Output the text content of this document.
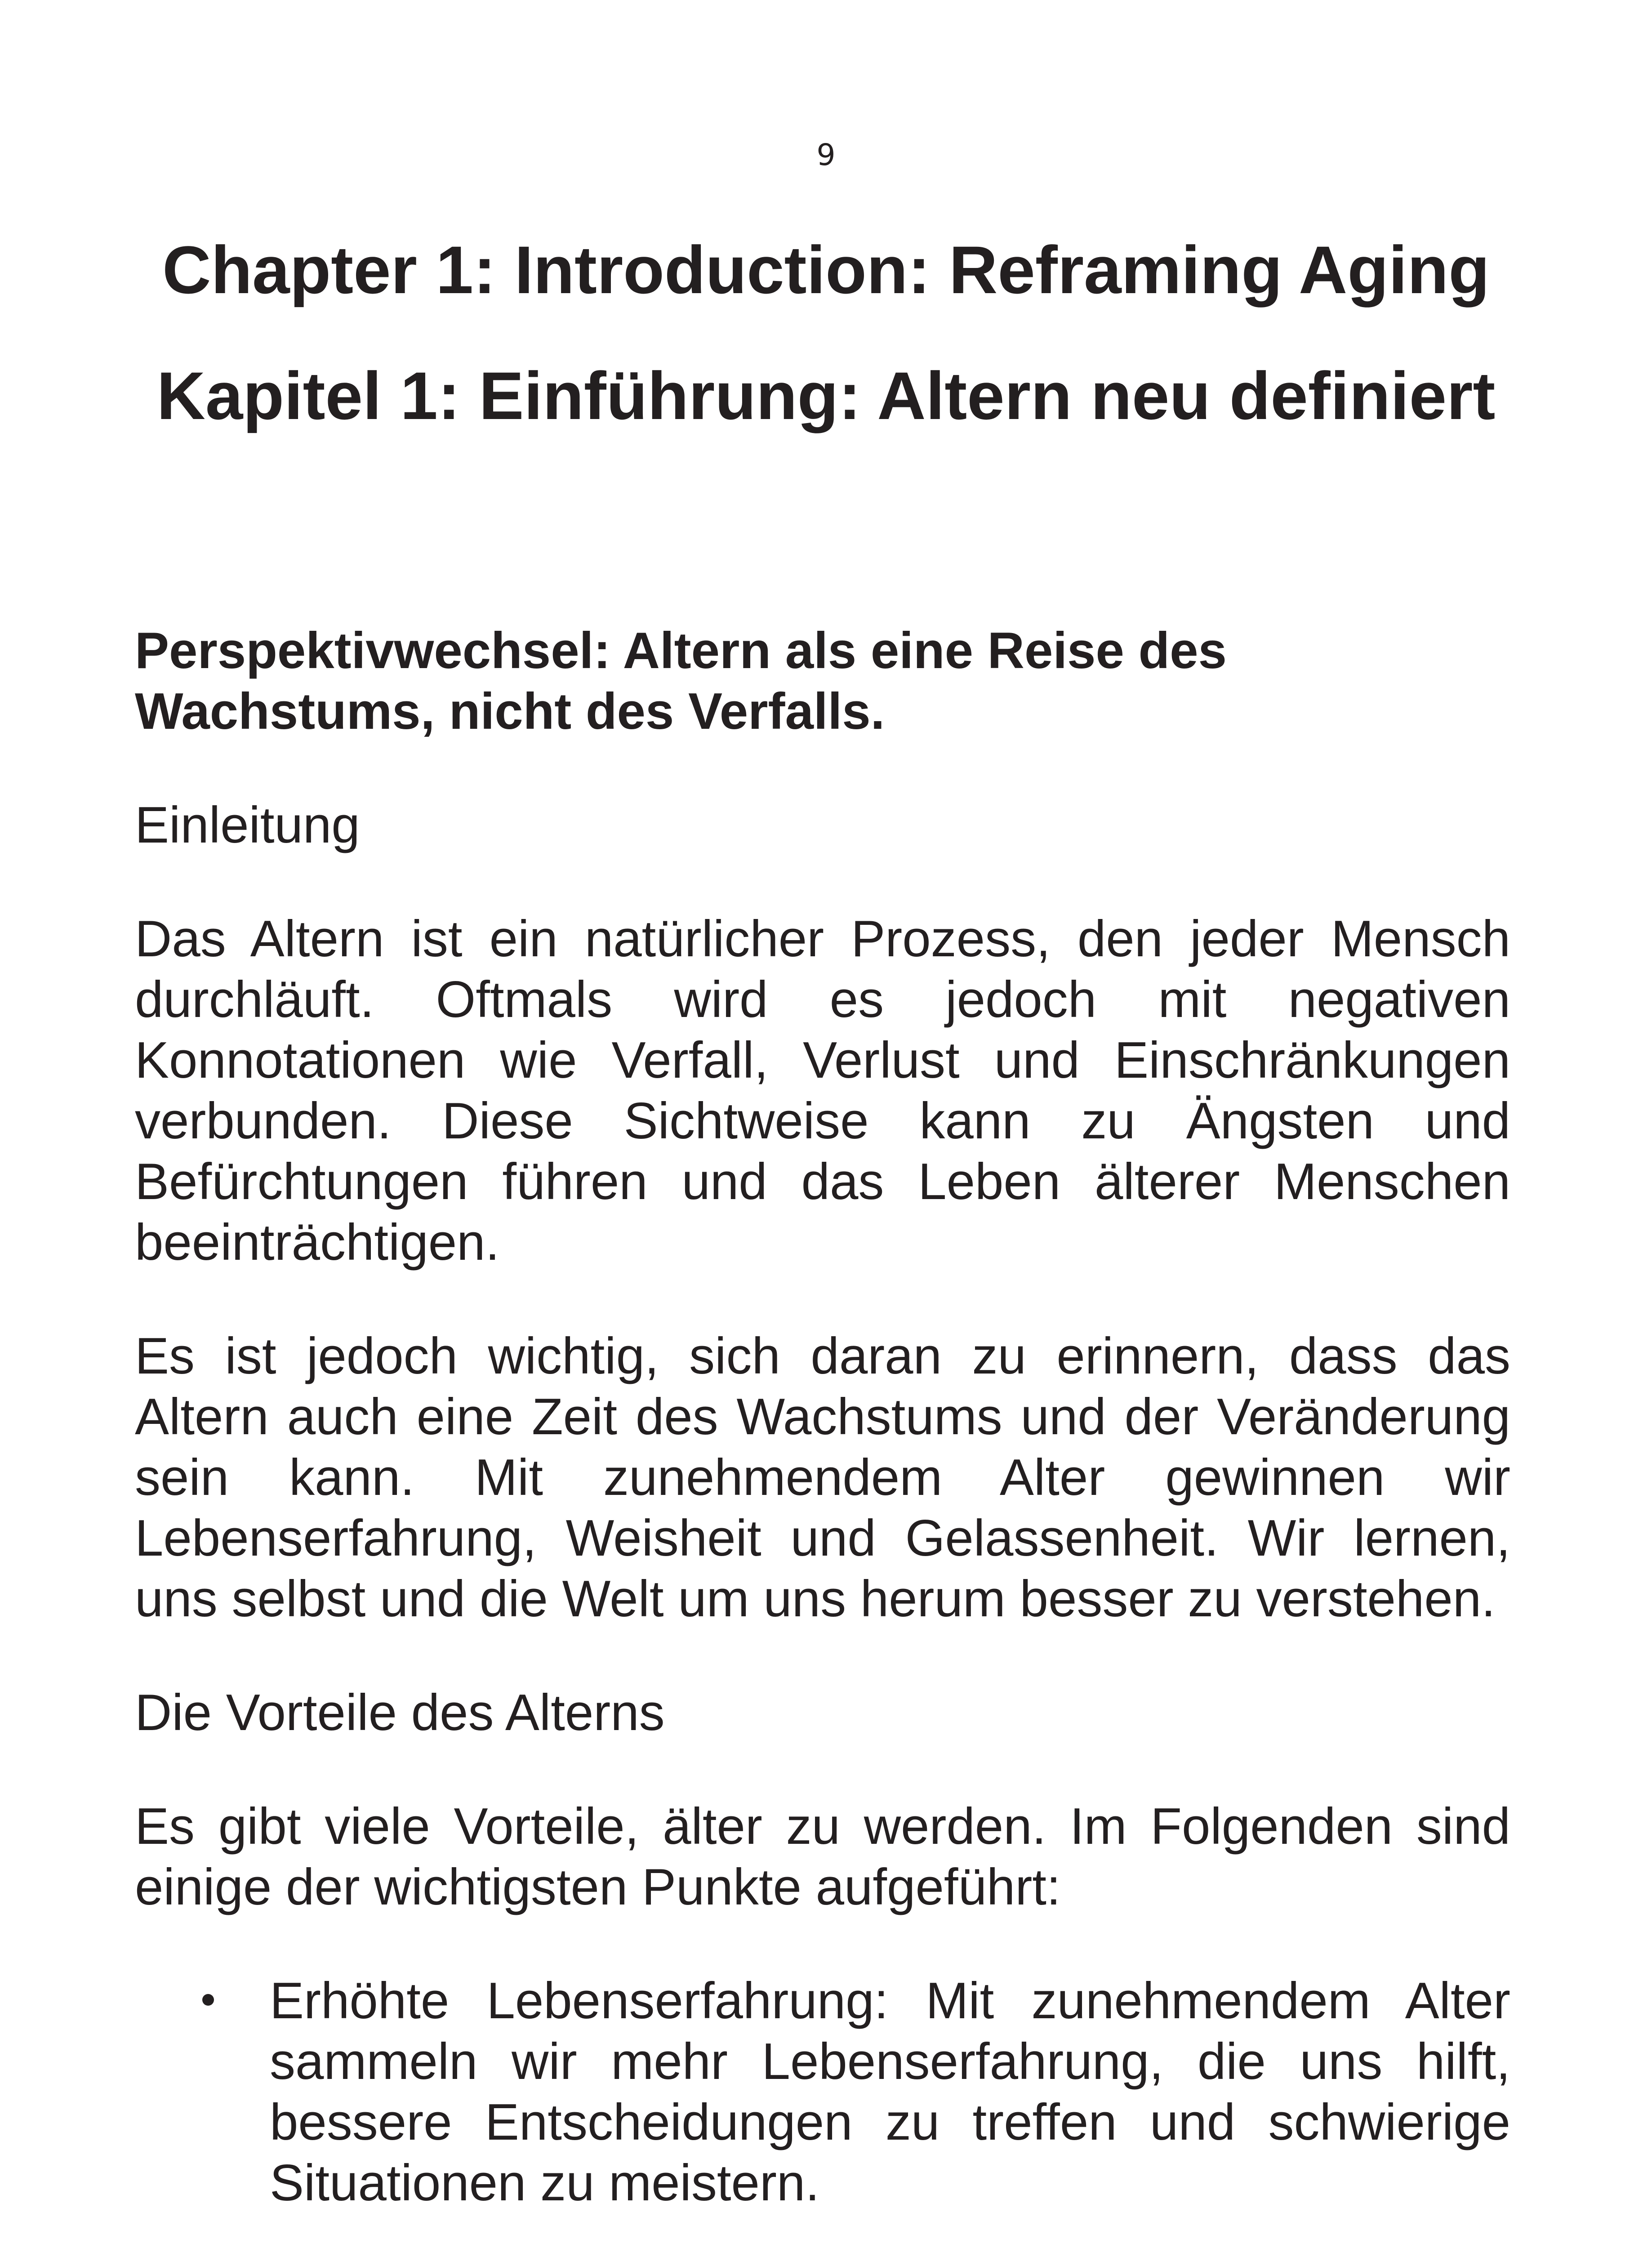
9
Chapter 1: Introduction: Reframing Aging
Kapitel 1: Einführung: Altern neu definiert
Perspektivwechsel: Altern als eine Reise des Wachstums, nicht des Verfalls.

Einleitung

Das Altern ist ein natürlicher Prozess, den jeder Mensch durchläuft. Oftmals wird es jedoch mit negativen Konnotationen wie Verfall, Verlust und Einschränkungen verbunden. Diese Sichtweise kann zu Ängsten und Befürchtungen führen und das Leben älterer Menschen beeinträchtigen.

Es ist jedoch wichtig, sich daran zu erinnern, dass das Altern auch eine Zeit des Wachstums und der Veränderung sein kann. Mit zunehmendem Alter gewinnen wir Lebenserfahrung, Weisheit und Gelassenheit. Wir lernen, uns selbst und die Welt um uns herum besser zu verstehen.

Die Vorteile des Alterns

Es gibt viele Vorteile, älter zu werden. Im Folgenden sind einige der wichtigsten Punkte aufgeführt:

Erhöhte Lebenserfahrung: Mit zunehmendem Alter sammeln wir mehr Lebenserfahrung, die uns hilft, bessere Entscheidungen zu treffen und schwierige Situationen zu meistern.
